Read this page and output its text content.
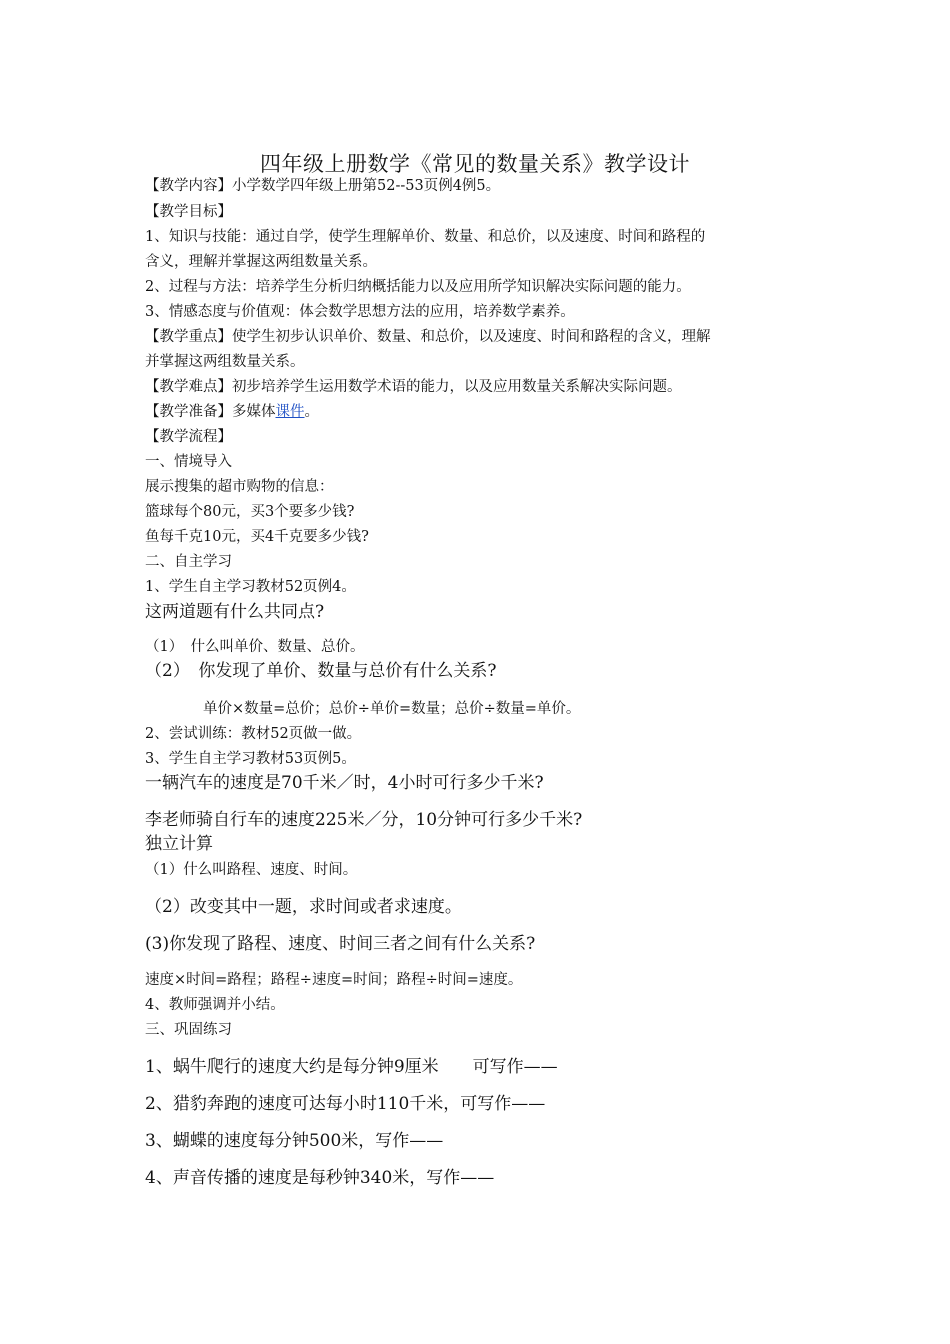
四年级上册数学《常见的数量关系》教学设计
【教学内容】小学数学四年级上册第52--53页例4例5。
【教学目标】
1、知识与技能：通过自学，使学生理解单价、数量、和总价，以及速度、时间和路程的
含义，理解并掌握这两组数量关系。
2、过程与方法：培养学生分析归纳概括能力以及应用所学知识解决实际问题的能力。
3、情感态度与价值观：体会数学思想方法的应用，培养数学素养。
【教学重点】使学生初步认识单价、数量、和总价，以及速度、时间和路程的含义，理解
并掌握这两组数量关系。
【教学难点】初步培养学生运用数学术语的能力，以及应用数量关系解决实际问题。
【教学准备】多媒体课件。
【教学流程】
一、情境导入
展示搜集的超市购物的信息：
篮球每个80元，买3个要多少钱?
鱼每千克10元，买4千克要多少钱?
二、自主学习
1、学生自主学习教材52页例4。
这两道题有什么共同点?
（1）　什么叫单价、数量、总价。
（2）　你发现了单价、数量与总价有什么关系?
单价×数量=总价；总价÷单价=数量；总价÷数量=单价。
2、尝试训练：教材52页做一做。
3、学生自主学习教材53页例5。
一辆汽车的速度是70千米／时，4小时可行多少千米?
李老师骑自行车的速度225米／分，10分钟可行多少千米?
独立计算
（1）什么叫路程、速度、时间。
（2）改变其中一题，求时间或者求速度。
(3)你发现了路程、速度、时间三者之间有什么关系?
速度×时间=路程；路程÷速度=时间；路程÷时间=速度。
4、教师强调并小结。
三、巩固练习
1、蜗牛爬行的速度大约是每分钟9厘米　　可写作——
2、猎豹奔跑的速度可达每小时110千米，可写作——
3、蝴蝶的速度每分钟500米，写作——
4、声音传播的速度是每秒钟340米，写作——
